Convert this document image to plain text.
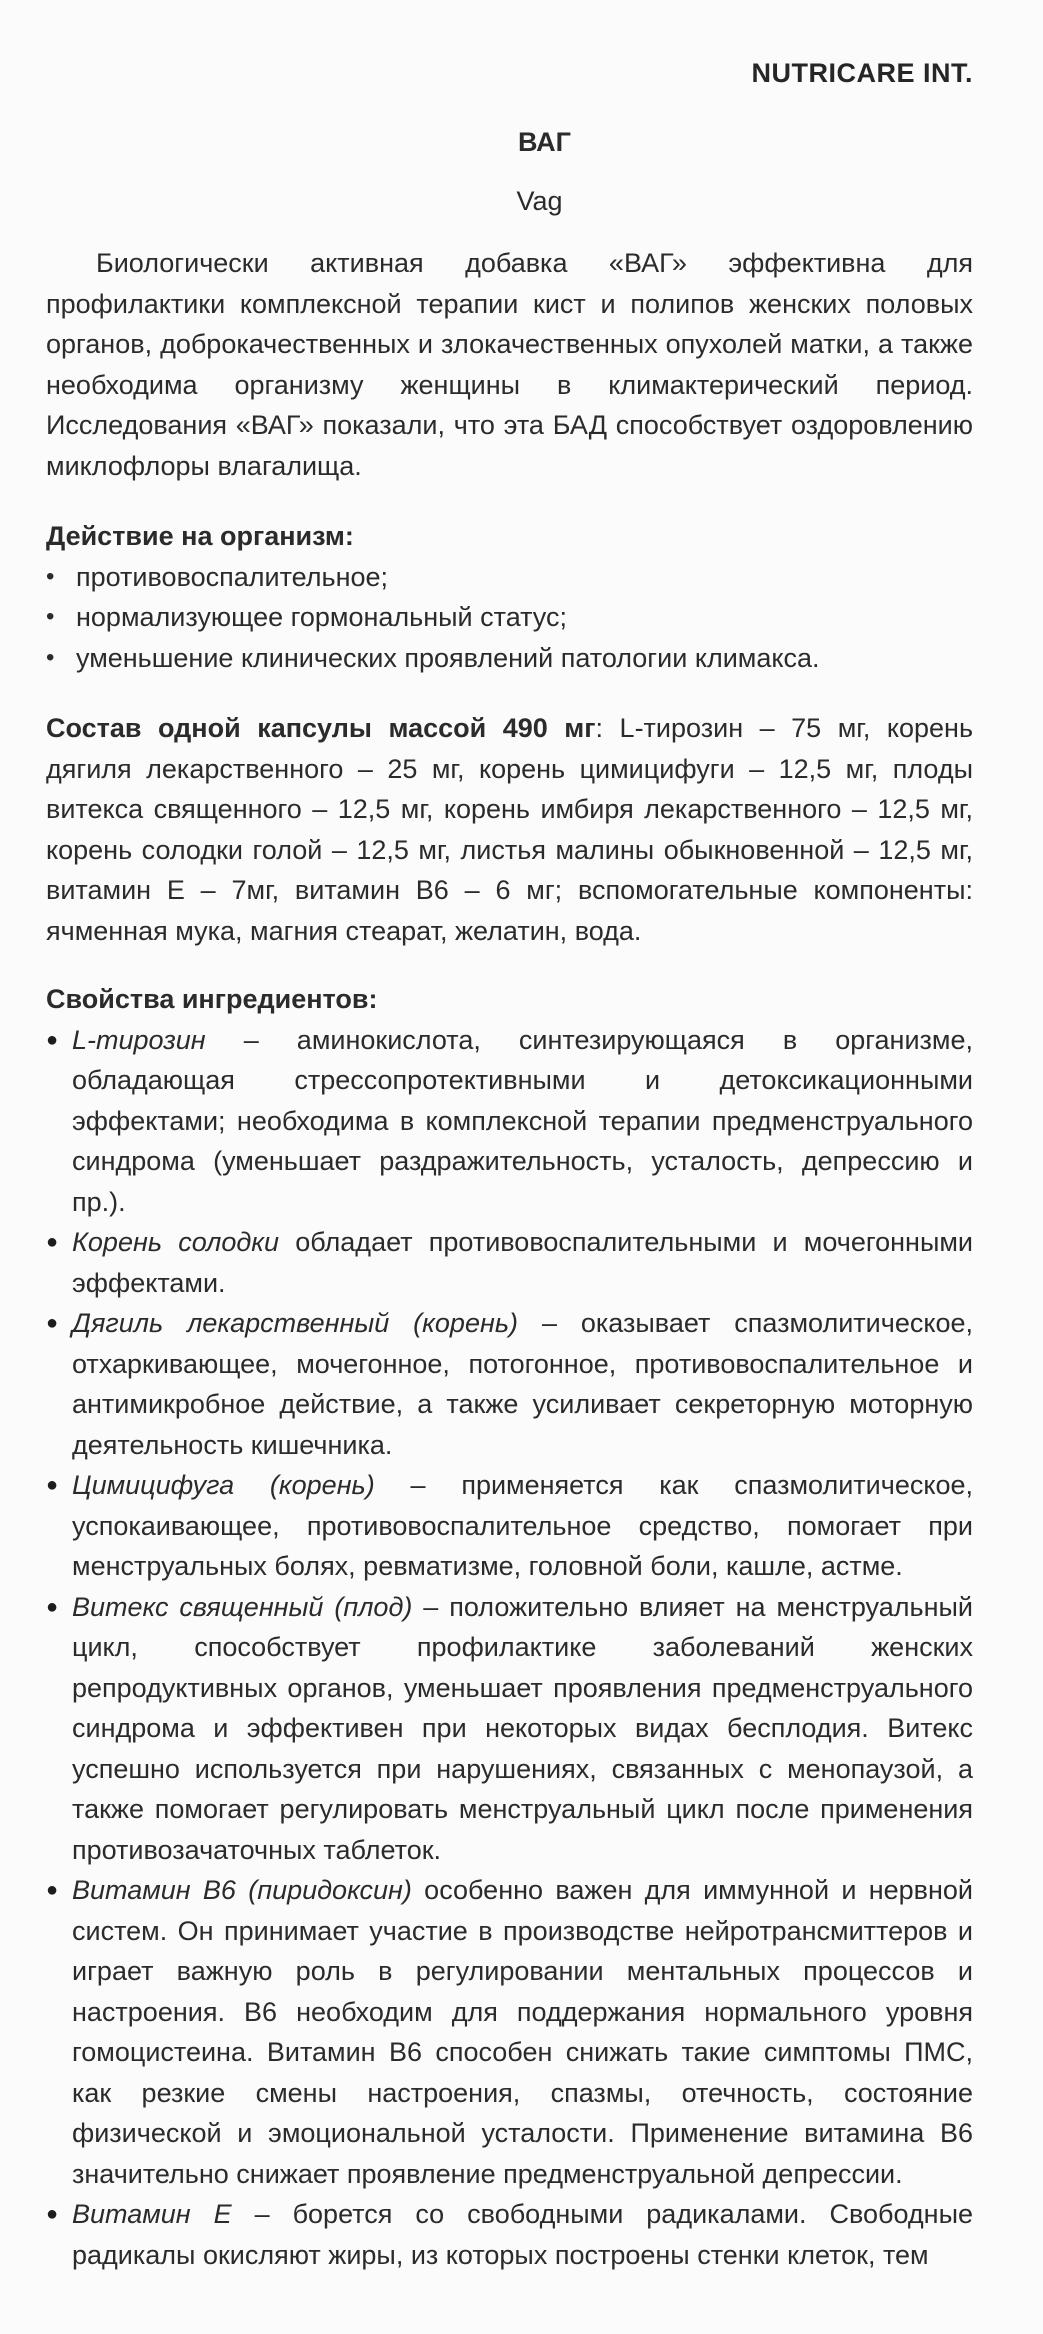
NUTRICARE INT.
ВАГ
Vag

Биологически активная добавка «ВАГ» эффективна для профилактики комплексной терапии кист и полипов женских половых органов, доброкачественных и злокачественных опухолей матки, а также необходима организму женщины в климактерический период. Исследования «ВАГ» показали, что эта БАД способствует оздоровлению миклофлоры влагалища.

Действие на организм:
• противовоспалительное;
• нормализующее гормональный статус;
• уменьшение клинических проявлений патологии климакса.

Состав одной капсулы массой 490 мг: L-тирозин – 75 мг, корень дягиля лекарственного – 25 мг, корень цимицифуги – 12,5 мг, плоды витекса священного – 12,5 мг, корень имбиря лекарственного – 12,5 мг, корень солодки голой – 12,5 мг, листья малины обыкновенной – 12,5 мг, витамин Е – 7мг, витамин В6 – 6 мг; вспомогательные компоненты: ячменная мука, магния стеарат, желатин, вода.

Свойства ингредиентов:
● L-тирозин – аминокислота, синтезирующаяся в организме, обладающая стрессопротективными и детоксикационными эффектами; необходима в комплексной терапии предменструального синдрома (уменьшает раздражительность, усталость, депрессию и пр.).
● Корень солодки обладает противовоспалительными и мочегонными эффектами.
● Дягиль лекарственный (корень) – оказывает спазмолитическое, отхаркивающее, мочегонное, потогонное, противовоспалительное и антимикробное действие, а также усиливает секреторную моторную деятельность кишечника.
● Цимицифуга (корень) – применяется как спазмолитическое, успокаивающее, противовоспалительное средство, помогает при менструальных болях, ревматизме, головной боли, кашле, астме.
● Витекс священный (плод) – положительно влияет на менструальный цикл, способствует профилактике заболеваний женских репродуктивных органов, уменьшает проявления предменструального синдрома и эффективен при некоторых видах бесплодия. Витекс успешно используется при нарушениях, связанных с менопаузой, а также помогает регулировать менструальный цикл после применения противозачаточных таблеток.
● Витамин В6 (пиридоксин) особенно важен для иммунной и нервной систем. Он принимает участие в производстве нейротрансмиттеров и играет важную роль в регулировании ментальных процессов и настроения. В6 необходим для поддержания нормального уровня гомоцистеина. Витамин В6 способен снижать такие симптомы ПМС, как резкие смены настроения, спазмы, отечность, состояние физической и эмоциональной усталости. Применение витамина В6 значительно снижает проявление предменструальной депрессии.
● Витамин Е – борется со свободными радикалами. Свободные радикалы окисляют жиры, из которых построены стенки клеток, тем
